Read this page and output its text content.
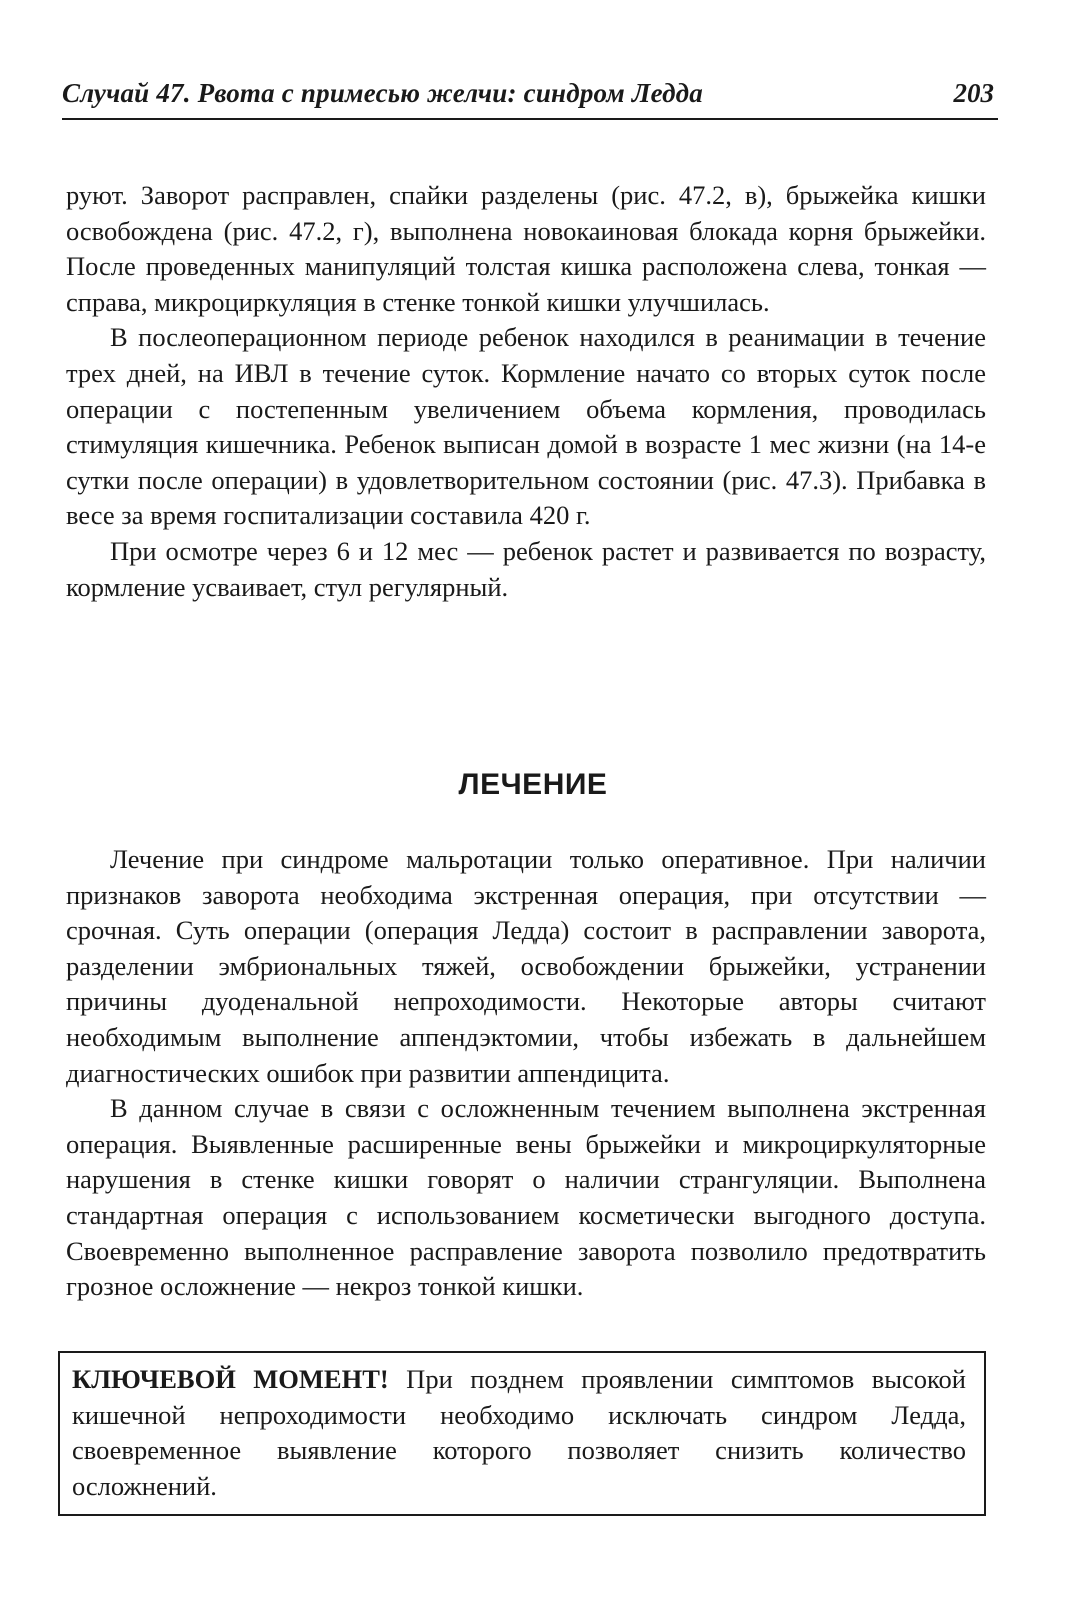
Случай 47. Рвота с примесью желчи: синдром Ледда	203

руют. Заворот расправлен, спайки разделены (рис. 47.2, в), брыжейка кишки освобождена (рис. 47.2, г), выполнена новокаиновая блокада корня брыжейки. После проведенных манипуляций толстая кишка расположена слева, тонкая — справа, микроциркуляция в стенке тонкой кишки улучшилась.

В послеоперационном периоде ребенок находился в реанимации в течение трех дней, на ИВЛ в течение суток. Кормление начато со вторых суток после операции с постепенным увеличением объема кормления, проводилась стимуляция кишечника. Ребенок выписан домой в возрасте 1 мес жизни (на 14-е сутки после операции) в удовлетворительном состоянии (рис. 47.3). Прибавка в весе за время госпитализации составила 420 г.

При осмотре через 6 и 12 мес — ребенок растет и развивается по возрасту, кормление усваивает, стул регулярный.

ЛЕЧЕНИЕ

Лечение при синдроме мальротации только оперативное. При наличии признаков заворота необходима экстренная операция, при отсутствии — срочная. Суть операции (операция Ледда) состоит в расправлении заворота, разделении эмбриональных тяжей, освобождении брыжейки, устранении причины дуоденальной непроходимости. Некоторые авторы считают необходимым выполнение аппендэктомии, чтобы избежать в дальнейшем диагностических ошибок при развитии аппендицита.

В данном случае в связи с осложненным течением выполнена экстренная операция. Выявленные расширенные вены брыжейки и микроциркуляторные нарушения в стенке кишки говорят о наличии странгуляции. Выполнена стандартная операция с использованием косметически выгодного доступа. Своевременно выполненное расправление заворота позволило предотвратить грозное осложнение — некроз тонкой кишки.

КЛЮЧЕВОЙ МОМЕНТ! При позднем проявлении симптомов высокой кишечной непроходимости необходимо исключать синдром Ледда, своевременное выявление которого позволяет снизить количество осложнений.
